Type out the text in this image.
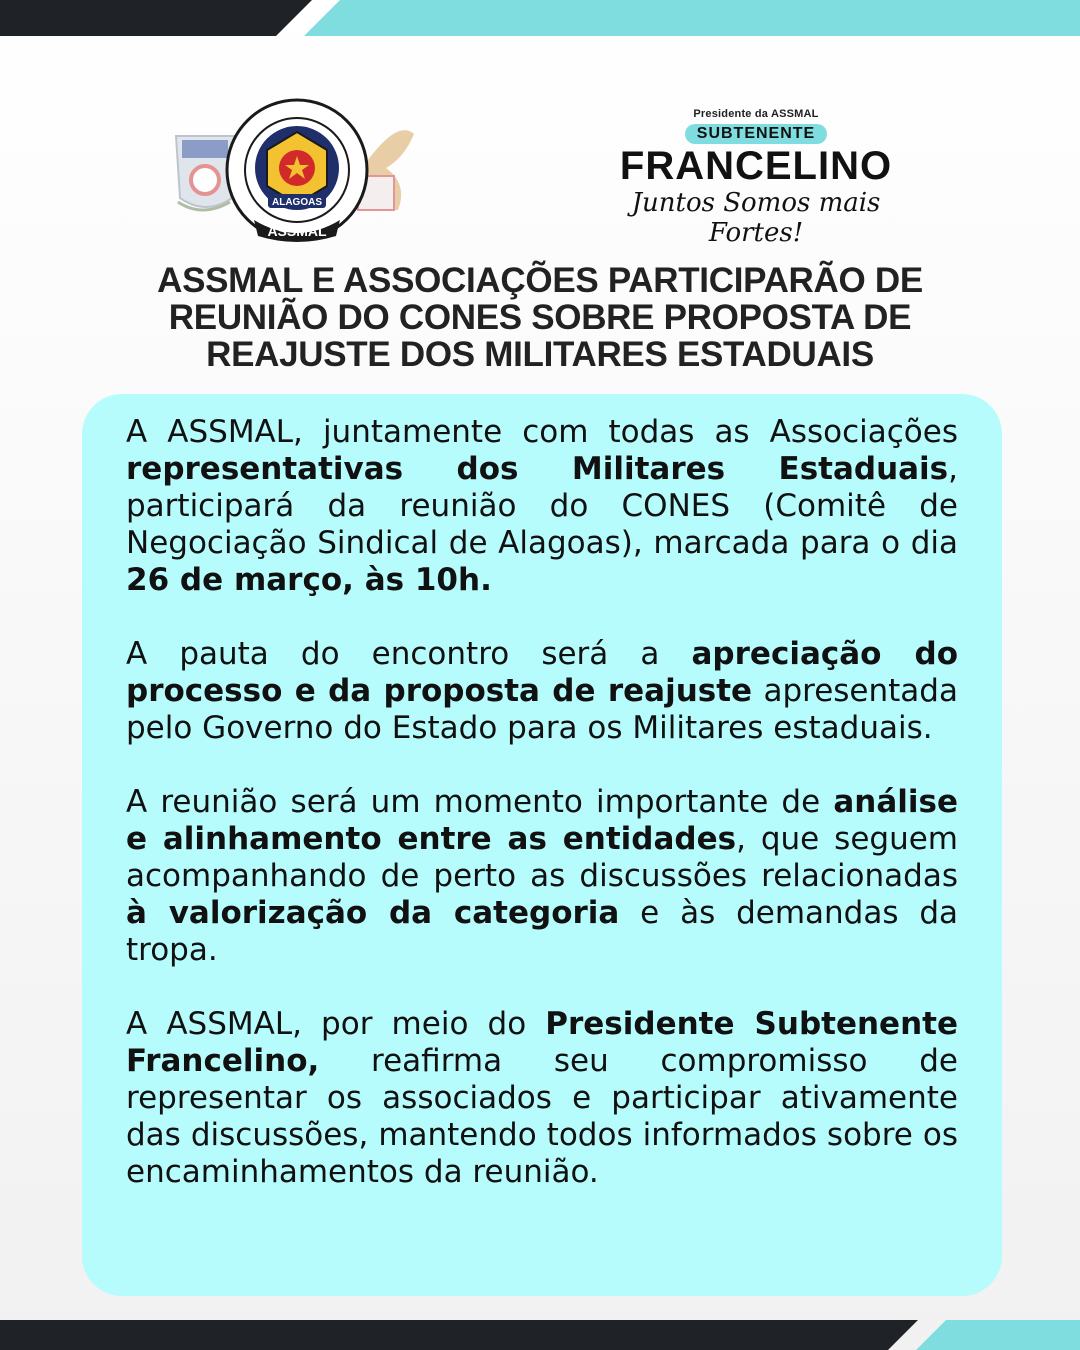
ALAGOAS
ASSMAL
Presidente da ASSMAL
SUBTENENTE
FRANCELINO
Juntos Somos mais Fortes!
ASSMAL E ASSOCIAÇÕES PARTICIPARÃO DE
REUNIÃO DO CONES SOBRE PROPOSTA DE
REAJUSTE DOS MILITARES ESTADUAIS

A ASSMAL, juntamente com todas as Associações representativas dos Militares Estaduais, participará da reunião do CONES (Comitê de Negociação Sindical de Alagoas), marcada para o dia 26 de março, às 10h.

A pauta do encontro será a apreciação do processo e da proposta de reajuste apresentada pelo Governo do Estado para os Militares estaduais.

A reunião será um momento importante de análise e alinhamento entre as entidades, que seguem acompanhando de perto as discussões relacionadas à valorização da categoria e às demandas da tropa.

A ASSMAL, por meio do Presidente Subtenente Francelino, reafirma seu compromisso de representar os associados e participar ativamente das discussões, mantendo todos informados sobre os encaminhamentos da reunião.
